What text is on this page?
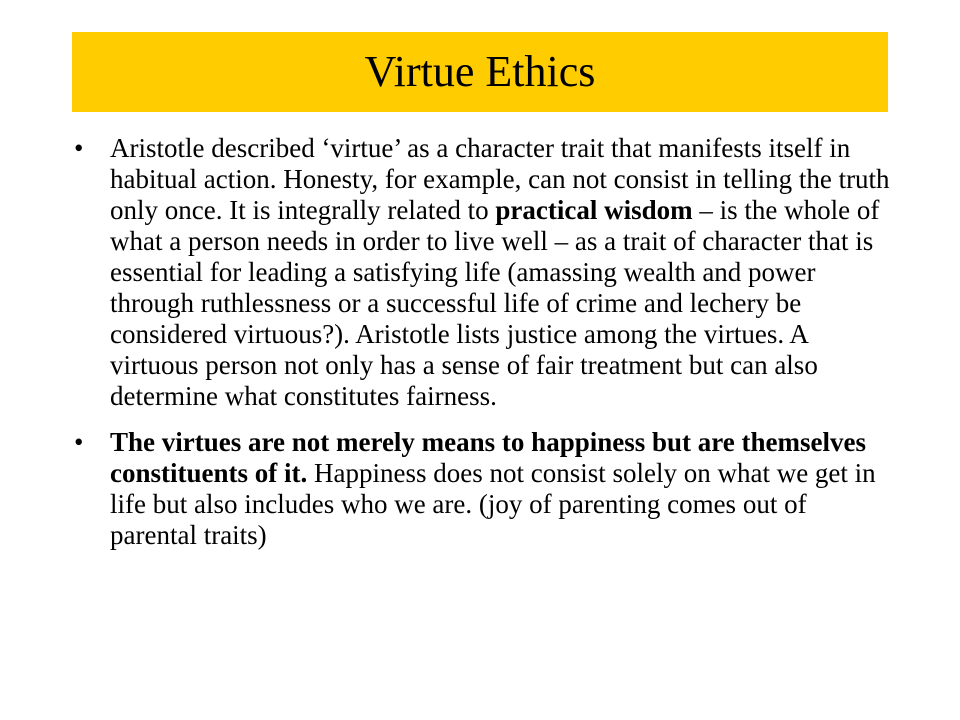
Virtue Ethics
• Aristotle described ‘virtue’ as a character trait that manifests itself in habitual action. Honesty, for example, can not consist in telling the truth only once. It is integrally related to practical wisdom – is the whole of what a person needs in order to live well – as a trait of character that is essential for leading a satisfying life (amassing wealth and power through ruthlessness or a successful life of crime and lechery be considered virtuous?). Aristotle lists justice among the virtues. A virtuous person not only has a sense of fair treatment but can also determine what constitutes fairness.
• The virtues are not merely means to happiness but are themselves constituents of it. Happiness does not consist solely on what we get in life but also includes who we are. (joy of parenting comes out of parental traits)
